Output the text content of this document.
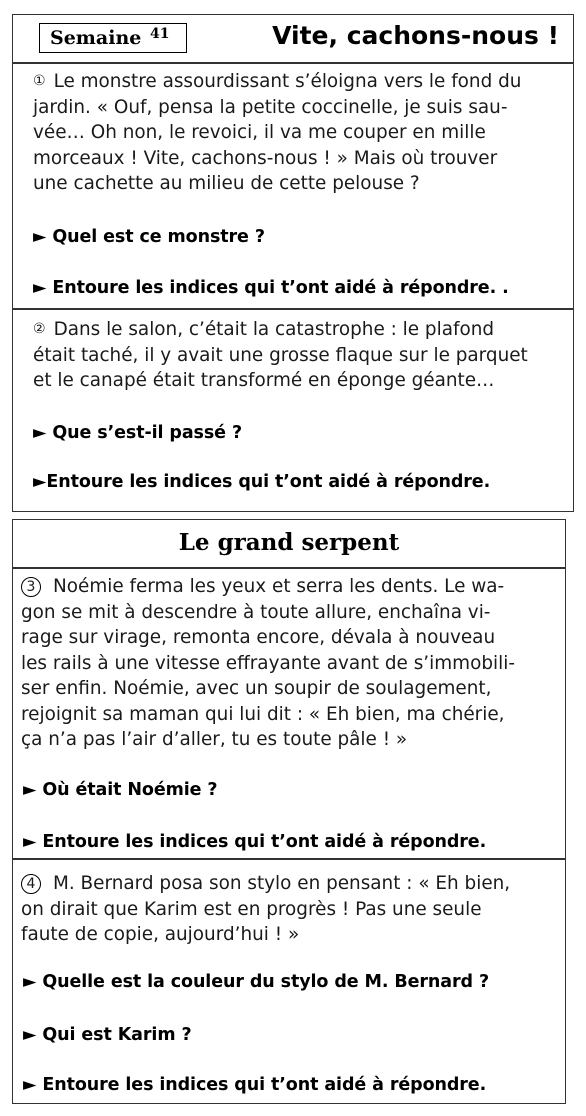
Semaine 41	Vite, cachons-nous !
① Le monstre assourdissant s’éloigna vers le fond du
jardin. « Ouf, pensa la petite coccinelle, je suis sau-
vée… Oh non, le revoici, il va me couper en mille
morceaux ! Vite, cachons-nous ! » Mais où trouver
une cachette au milieu de cette pelouse ?
► Quel est ce monstre ?
► Entoure les indices qui t’ont aidé à répondre. .
② Dans le salon, c’était la catastrophe : le plafond
était taché, il y avait une grosse flaque sur le parquet
et le canapé était transformé en éponge géante…
► Que s’est-il passé ?
►Entoure les indices qui t’ont aidé à répondre.
Le grand serpent
3 Noémie ferma les yeux et serra les dents. Le wa-
gon se mit à descendre à toute allure, enchaîna vi-
rage sur virage, remonta encore, dévala à nouveau
les rails à une vitesse effrayante avant de s’immobili-
ser enfin. Noémie, avec un soupir de soulagement,
rejoignit sa maman qui lui dit : « Eh bien, ma chérie,
ça n’a pas l’air d’aller, tu es toute pâle ! »
► Où était Noémie ?
► Entoure les indices qui t’ont aidé à répondre.
4 M. Bernard posa son stylo en pensant : « Eh bien,
on dirait que Karim est en progrès ! Pas une seule
faute de copie, aujourd’hui ! »
► Quelle est la couleur du stylo de M. Bernard ?
► Qui est Karim ?
► Entoure les indices qui t’ont aidé à répondre.
